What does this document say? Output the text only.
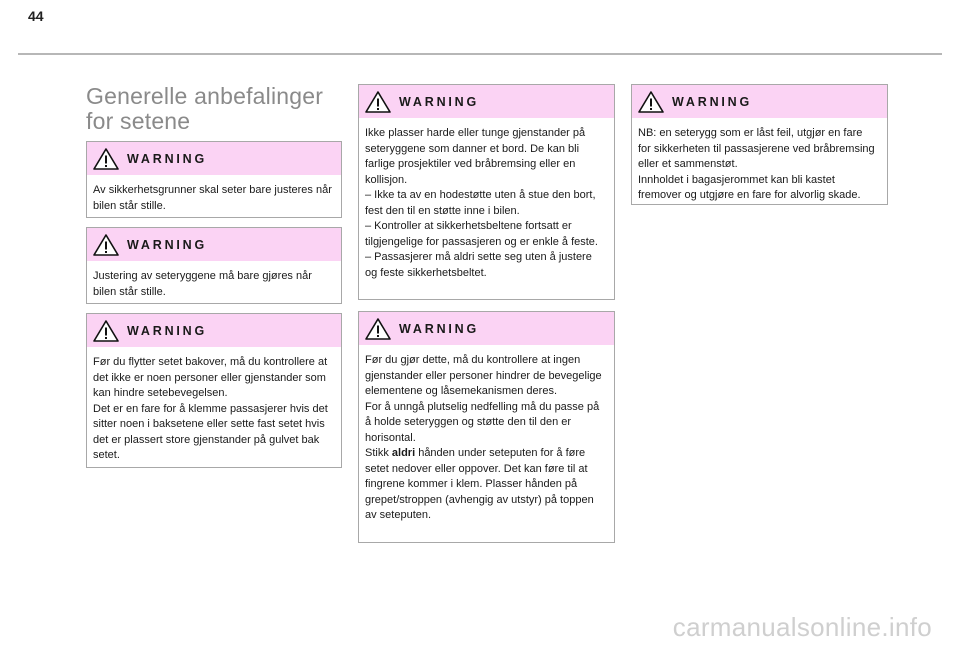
44
Generelle anbefalinger for setene
WARNING

Av sikkerhetsgrunner skal seter bare justeres når bilen står stille.

WARNING

Justering av seteryggene må bare gjøres når bilen står stille.

WARNING

Før du flytter setet bakover, må du kontrollere at det ikke er noen personer eller gjenstander som kan hindre setebevegelsen.

Det er en fare for å klemme passasjerer hvis det sitter noen i baksetene eller sette fast setet hvis det er plassert store gjenstander på gulvet bak setet.

WARNING

Ikke plasser harde eller tunge gjenstander på seteryggene som danner et bord. De kan bli farlige prosjektiler ved bråbremsing eller en kollisjon.

– Ikke ta av en hodestøtte uten å stue den bort, fest den til en støtte inne i bilen.

– Kontroller at sikkerhetsbeltene fortsatt er tilgjengelige for passasjeren og er enkle å feste.

– Passasjerer må aldri sette seg uten å justere og feste sikkerhetsbeltet.

WARNING

Før du gjør dette, må du kontrollere at ingen gjenstander eller personer hindrer de bevegelige elementene og låsemekanismen deres.

For å unngå plutselig nedfelling må du passe på å holde seteryggen og støtte den til den er horisontal.

Stikk aldri hånden under seteputen for å føre setet nedover eller oppover. Det kan føre til at fingrene kommer i klem. Plasser hånden på grepet/stroppen (avhengig av utstyr) på toppen av seteputen.

WARNING

NB: en seterygg som er låst feil, utgjør en fare for sikkerheten til passasjerene ved bråbremsing eller et sammenstøt.

Innholdet i bagasjerommet kan bli kastet fremover og utgjøre en fare for alvorlig skade.

carmanualsonline.info
